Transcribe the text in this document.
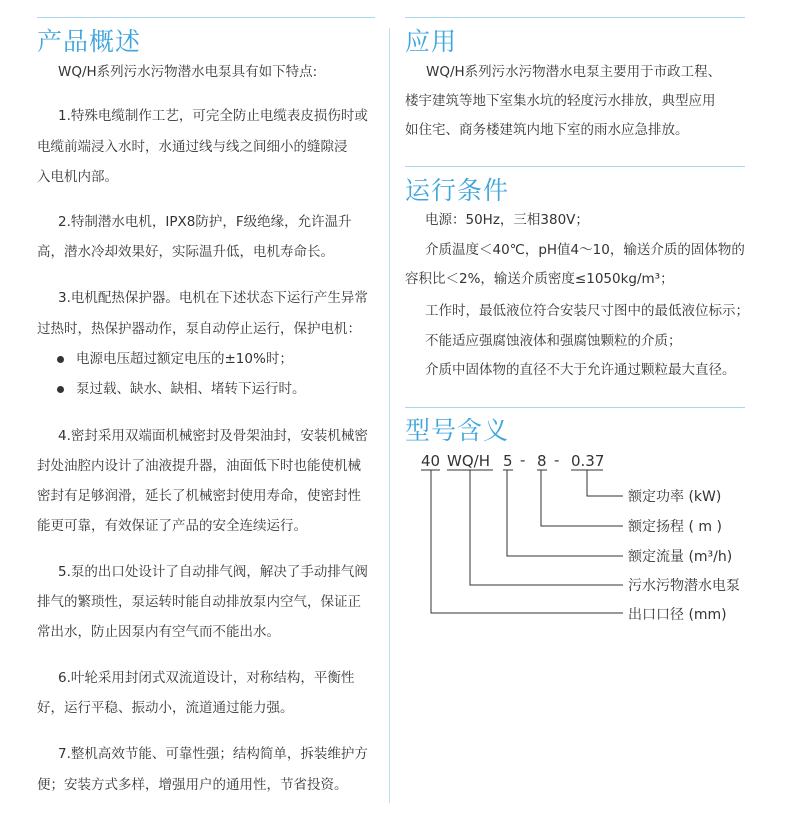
产品概述
WQ/H系列污水污物潜水电泵具有如下特点:
1.特殊电缆制作工艺，可完全防止电缆表皮损伤时或
电缆前端浸入水时，水通过线与线之间细小的缝隙浸
入电机内部。
2.特制潜水电机，IPX8防护，F级绝缘，允许温升
高，潜水冷却效果好，实际温升低，电机寿命长。
3.电机配热保护器。电机在下述状态下运行产生异常
过热时，热保护器动作，泵自动停止运行，保护电机：
4.密封采用双端面机械密封及骨架油封，安装机械密
封处油腔内设计了油液提升器，油面低下时也能使机械
密封有足够润滑，延长了机械密封使用寿命，使密封性
能更可靠，有效保证了产品的安全连续运行。
5.泵的出口处设计了自动排气阀，解决了手动排气阀
排气的繁琐性，泵运转时能自动排放泵内空气，保证正
常出水，防止因泵内有空气而不能出水。
6.叶轮采用封闭式双流道设计，对称结构，平衡性
好，运行平稳、振动小，流道通过能力强。
7.整机高效节能、可靠性强；结构简单，拆装维护方
便；安装方式多样，增强用户的通用性，节省投资。
电源电压超过额定电压的±10%时；
泵过载、缺水、缺相、堵转下运行时。
应用
运行条件
型号含义
40 WQ/H 5 - 8 - 0.37
额定功率 (kW)
额定扬程 ( m )
额定流量 (m³/h)
污水污物潜水电泵
出口口径 (mm)
WQ/H系列污水污物潜水电泵主要用于市政工程、
楼宇建筑等地下室集水坑的轻度污水排放，典型应用
如住宅、商务楼建筑内地下室的雨水应急排放。
电源：50Hz，三相380V；
介质温度＜40℃，pH值4～10，输送介质的固体物的
容积比＜2%，输送介质密度≤1050kg/m³；
工作时，最低液位符合安装尺寸图中的最低液位标示；
不能适应强腐蚀液体和强腐蚀颗粒的介质；
介质中固体物的直径不大于允许通过颗粒最大直径。
